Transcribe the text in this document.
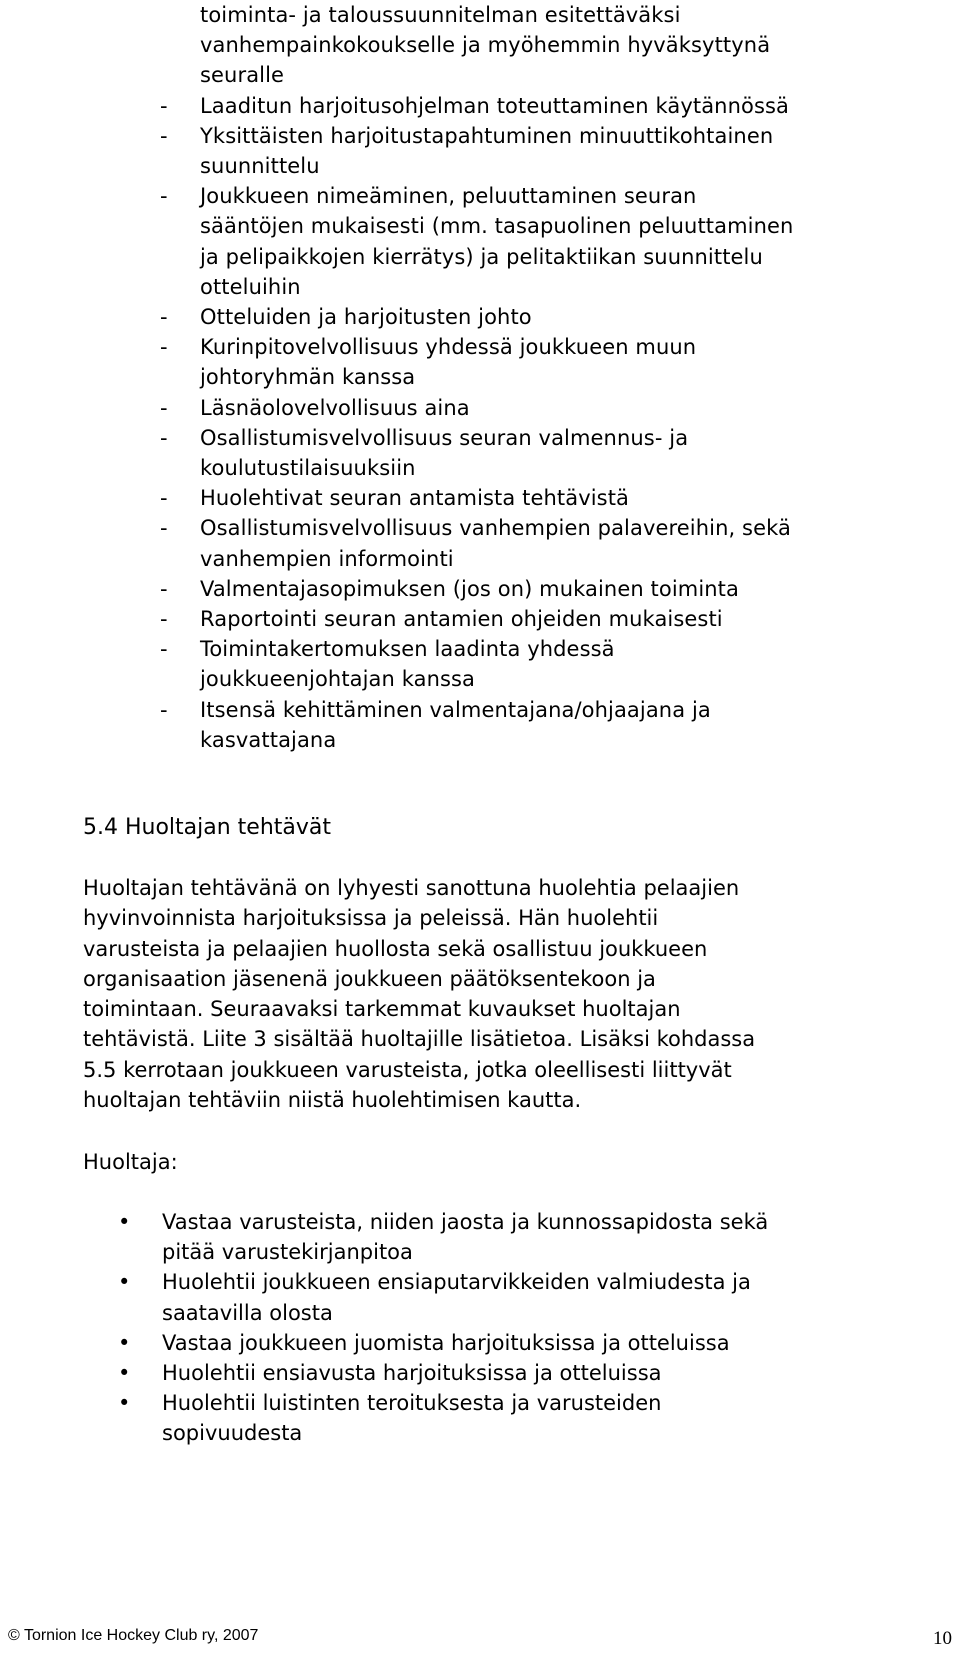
toiminta- ja taloussuunnitelman esitettäväksi
vanhempainkokoukselle ja myöhemmin hyväksyttynä
seuralle
-	Laaditun harjoitusohjelman toteuttaminen käytännössä
-	Yksittäisten harjoitustapahtuminen minuuttikohtainen
suunnittelu
-	Joukkueen nimeäminen, peluuttaminen seuran
sääntöjen mukaisesti (mm. tasapuolinen peluuttaminen
ja pelipaikkojen kierrätys) ja pelitaktiikan suunnittelu
otteluihin
-	Otteluiden ja harjoitusten johto
-	Kurinpitovelvollisuus yhdessä joukkueen muun
johtoryhmän kanssa
-	Läsnäolovelvollisuus aina
-	Osallistumisvelvollisuus seuran valmennus- ja
koulutustilaisuuksiin
-	Huolehtivat seuran antamista tehtävistä
-	Osallistumisvelvollisuus vanhempien palavereihin, sekä
vanhempien informointi
-	Valmentajasopimuksen (jos on) mukainen toiminta
-	Raportointi seuran antamien ohjeiden mukaisesti
-	Toimintakertomuksen laadinta yhdessä
joukkueenjohtajan kanssa
-	Itsensä kehittäminen valmentajana/ohjaajana ja
kasvattajana
5.4 Huoltajan tehtävät
Huoltajan tehtävänä on lyhyesti sanottuna huolehtia pelaajien
hyvinvoinnista harjoituksissa ja peleissä. Hän huolehtii
varusteista ja pelaajien huollosta sekä osallistuu joukkueen
organisaation jäsenenä joukkueen päätöksentekoon ja
toimintaan. Seuraavaksi tarkemmat kuvaukset huoltajan
tehtävistä. Liite 3 sisältää huoltajille lisätietoa. Lisäksi kohdassa
5.5 kerrotaan joukkueen varusteista, jotka oleellisesti liittyvät
huoltajan tehtäviin niistä huolehtimisen kautta.
Huoltaja:
•	Vastaa varusteista, niiden jaosta ja kunnossapidosta sekä
pitää varustekirjanpitoa
•	Huolehtii joukkueen ensiaputarvikkeiden valmiudesta ja
saatavilla olosta
•	Vastaa joukkueen juomista harjoituksissa ja otteluissa
•	Huolehtii ensiavusta harjoituksissa ja otteluissa
•	Huolehtii luistinten teroituksesta ja varusteiden
sopivuudesta
© Tornion Ice Hockey Club ry, 2007	10
